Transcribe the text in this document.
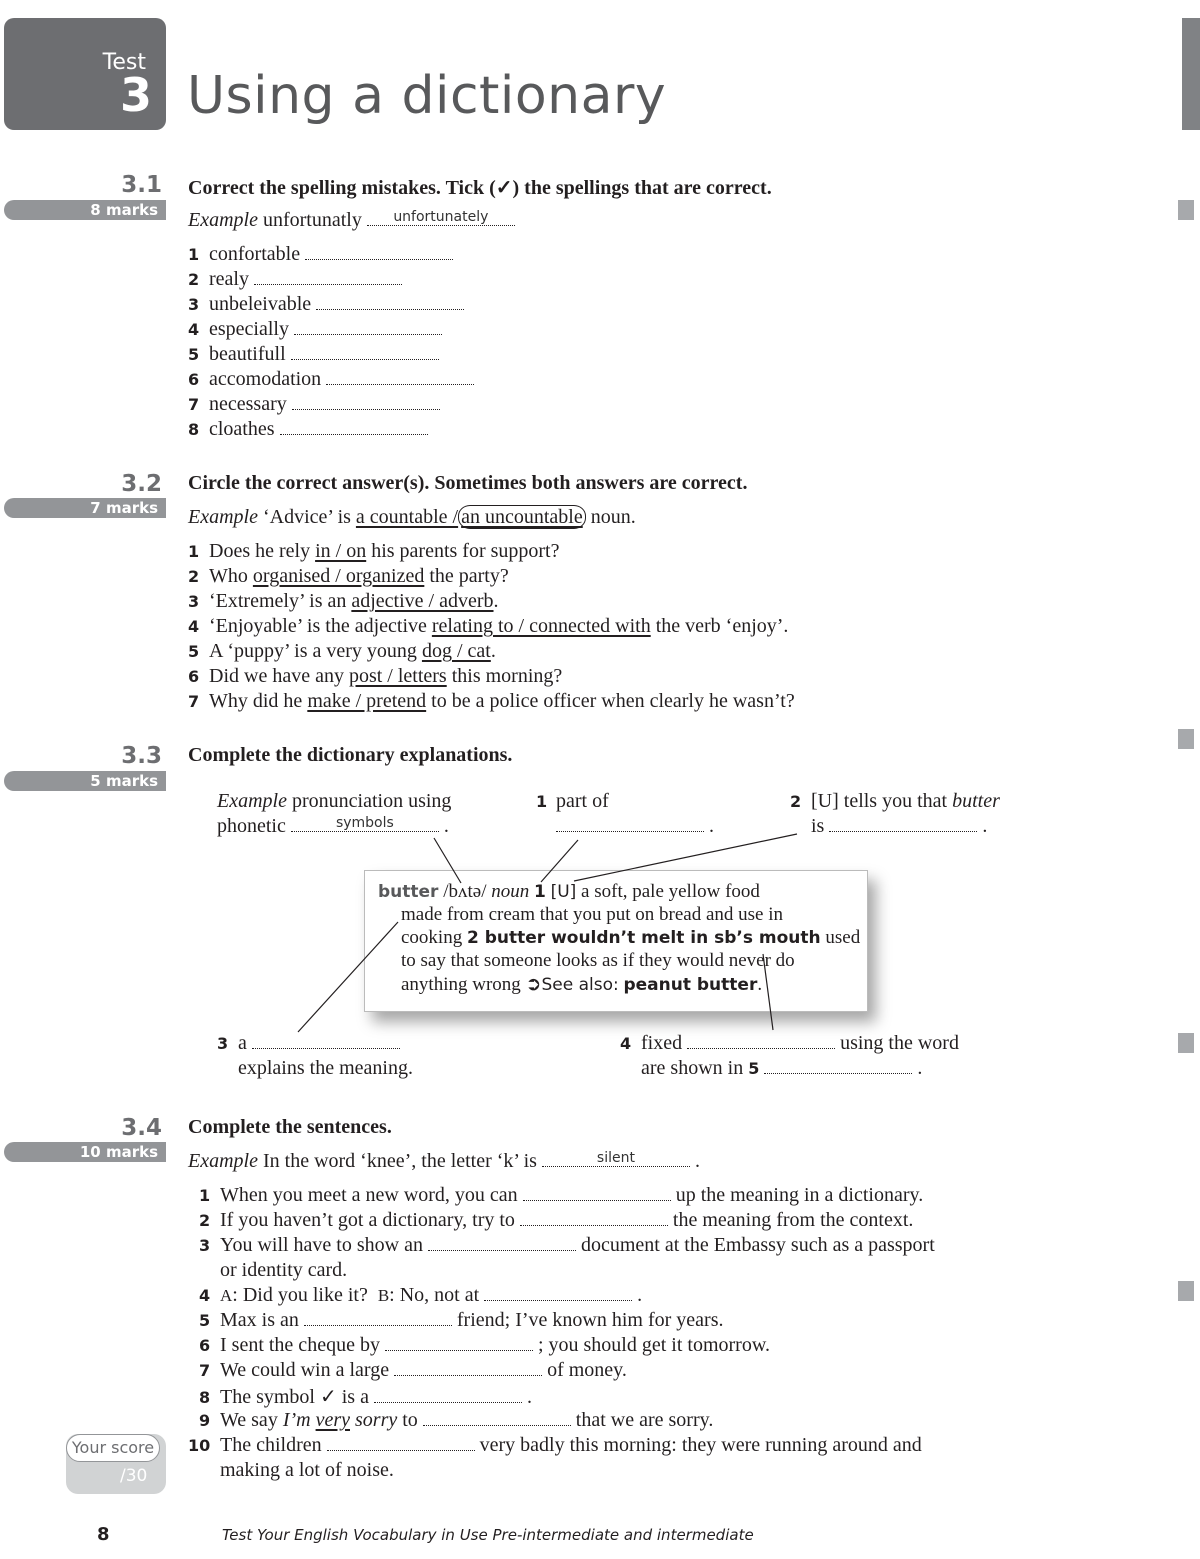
Test
3 Using a dictionary
3.1
8 marks
Correct the spelling mistakes. Tick (✓) the spellings that are correct.
Example unfortunatly	unfortunately
1 confortable
2 realy
3 unbeleivable
4 especially
5 beautifull
6 accomodation
7 necessary
8 cloathes
3.2
7 marks
Circle the correct answer(s). Sometimes both answers are correct.
Example ‘Advice’ is a countable / an uncountable noun.
1 Does he rely in / on his parents for support?
2 Who organised / organized the party?
3 ‘Extremely’ is an adjective / adverb.
4 ‘Enjoyable’ is the adjective relating to / connected with the verb ‘enjoy’.
5 A ‘puppy’ is a very young dog / cat.
6 Did we have any post / letters this morning?
7 Why did he make / pretend to be a police officer when clearly he wasn’t?
3.3
5 marks
Complete the dictionary explanations.
Example pronunciation using
phonetic	symbols	.
1 part of
.
2 [U] tells you that butter
is	.
butter /bʌtə/ noun 1 [U] a soft, pale yellow food
made from cream that you put on bread and use in
cooking 2 butter wouldn’t melt in sb’s mouth used
to say that someone looks as if they would never do
anything wrong ➲See also: peanut butter.
3 a
explains the meaning.
4 fixed	using the word
are shown in 5	.
3.4
10 marks
Complete the sentences.
Example In the word ‘knee’, the letter ‘k’ is	silent	.
1 When you meet a new word, you can	up the meaning in a dictionary.
2 If you haven’t got a dictionary, try to	the meaning from the context.
3 You will have to show an	document at the Embassy such as a passport
or identity card.
4 A: Did you like it? B: No, not at	.
5 Max is an	friend; I’ve known him for years.
6 I sent the cheque by	; you should get it tomorrow.
7 We could win a large	of money.
8 The symbol ✓ is a	.
9 We say I’m very sorry to	that we are sorry.
10 The children	very badly this morning: they were running around and
making a lot of noise.
Your score
/30
8	Test Your English Vocabulary in Use Pre-intermediate and intermediate
